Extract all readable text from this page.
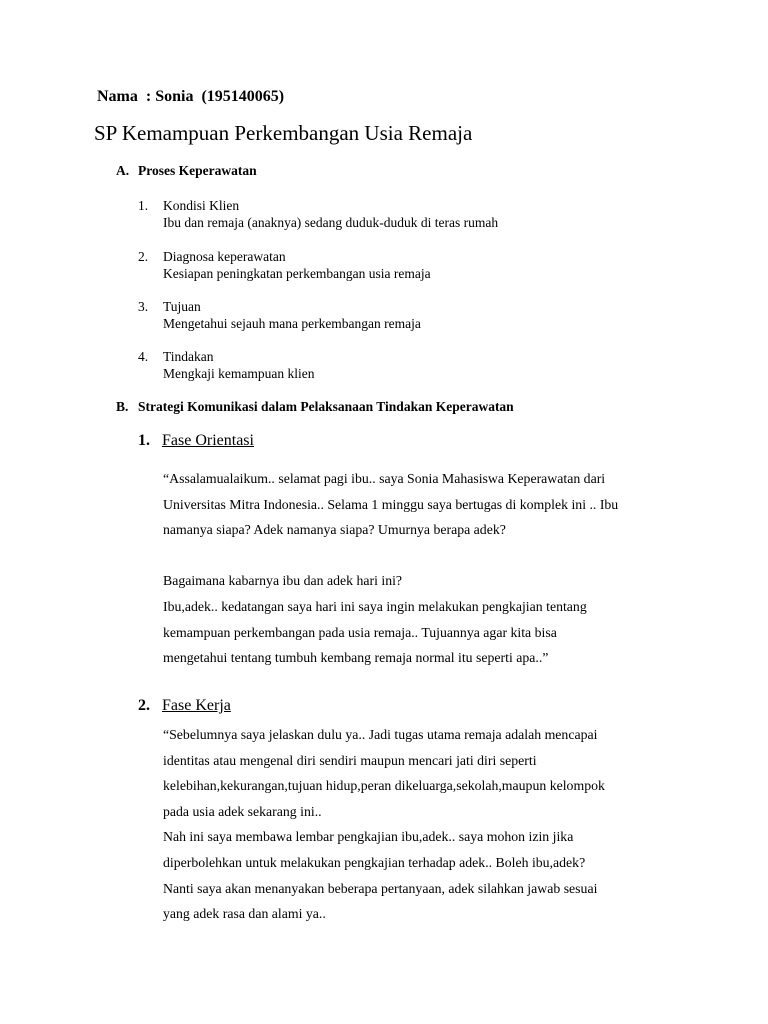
Nama  : Sonia  (195140065)
SP Kemampuan Perkembangan Usia Remaja
A. Proses Keperawatan
1.	Kondisi Klien
Ibu dan remaja (anaknya) sedang duduk-duduk di teras rumah
2.	Diagnosa keperawatan
Kesiapan peningkatan perkembangan usia remaja
3.	Tujuan
Mengetahui sejauh mana perkembangan remaja
4.	Tindakan
Mengkaji kemampuan klien
B. Strategi Komunikasi dalam Pelaksanaan Tindakan Keperawatan
1. Fase Orientasi

“Assalamualaikum.. selamat pagi ibu.. saya Sonia Mahasiswa Keperawatan dari

Universitas Mitra Indonesia.. Selama 1 minggu saya bertugas di komplek ini .. Ibu

namanya siapa? Adek namanya siapa? Umurnya berapa adek?

Bagaimana kabarnya ibu dan adek hari ini?

Ibu,adek.. kedatangan saya hari ini saya ingin melakukan pengkajian tentang

kemampuan perkembangan pada usia remaja.. Tujuannya agar kita bisa

mengetahui tentang tumbuh kembang remaja normal itu seperti apa..”

2. Fase Kerja

“Sebelumnya saya jelaskan dulu ya.. Jadi tugas utama remaja adalah mencapai

identitas atau mengenal diri sendiri maupun mencari jati diri seperti

kelebihan,kekurangan,tujuan hidup,peran dikeluarga,sekolah,maupun kelompok

pada usia adek sekarang ini..

Nah ini saya membawa lembar pengkajian ibu,adek.. saya mohon izin jika

diperbolehkan untuk melakukan pengkajian terhadap adek.. Boleh ibu,adek?

Nanti saya akan menanyakan beberapa pertanyaan, adek silahkan jawab sesuai

yang adek rasa dan alami ya..
